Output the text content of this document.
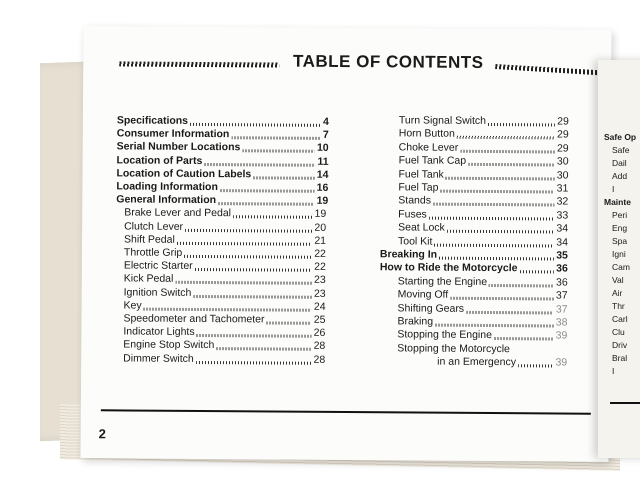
TABLE OF CONTENTS
Specifications	4
Consumer Information	7
Serial Number Locations	10
Location of Parts	11
Location of Caution Labels	14
Loading Information	16
General Information	19
Brake Lever and Pedal	19
Clutch Lever	20
Shift Pedal	21
Throttle Grip	22
Electric Starter	22
Kick Pedal	23
Ignition Switch	23
Key	24
Speedometer and Tachometer	25
Indicator Lights	26
Engine Stop Switch	28
Dimmer Switch	28
Turn Signal Switch	29
Horn Button	29
Choke Lever	29
Fuel Tank Cap	30
Fuel Tank	30
Fuel Tap	31
Stands	32
Fuses	33
Seat Lock	34
Tool Kit	34
Breaking In	35
How to Ride the Motorcycle	36
Starting the Engine	36
Moving Off	37
Shifting Gears	37
Braking	38
Stopping the Engine	39
Stopping the Motorcycle
in an Emergency	39
2
Safe Op
Safe
Dail
Add
I
Mainte
Peri
Eng
Spa
Igni
Cam
Val
Air
Thr
Carl
Clu
Driv
Bral
I
